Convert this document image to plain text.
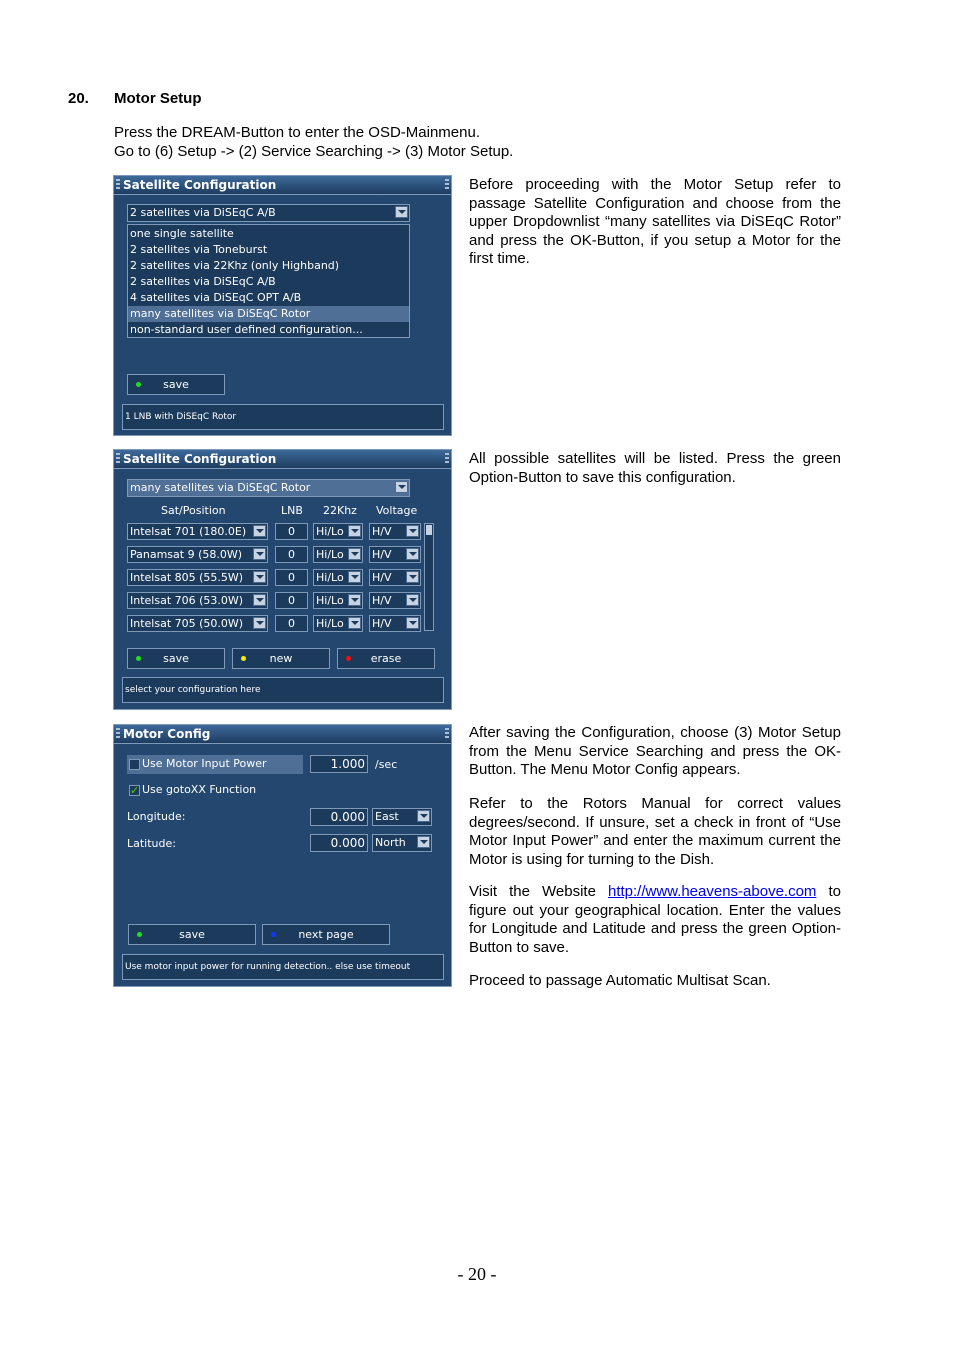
20. Motor Setup
Press the DREAM-Button to enter the OSD-Mainmenu.
Go to (6) Setup -> (2) Service Searching -> (3) Motor Setup.
Satellite Configuration
2 satellites via DiSEqC A/B
one single satellite
2 satellites via Toneburst
2 satellites via 22Khz (only Highband)
2 satellites via DiSEqC A/B
4 satellites via DiSEqC OPT A/B
many satellites via DiSEqC Rotor
non-standard user defined configuration...
save
1 LNB with DiSEqC Rotor
Before proceeding with the Motor Setup refer to passage Satellite Configuration and choose from the upper Dropdownlist “many satellites via DiSEqC Rotor” and press the OK-Button, if you setup a Motor for the first time.
Satellite Configuration
many satellites via DiSEqC Rotor
Sat/Position	LNB 22Khz Voltage
Intelsat 701 (180.0E)	0	Hi/Lo	H/V
Panamsat 9 (58.0W)	0	Hi/Lo	H/V
Intelsat 805 (55.5W)	0	Hi/Lo	H/V
Intelsat 706 (53.0W)	0	Hi/Lo	H/V
Intelsat 705 (50.0W)	0	Hi/Lo	H/V
save	new	erase
select your configuration here
All possible satellites will be listed. Press the green Option-Button to save this configuration.
Motor Config
Use Motor Input Power	1.000 /sec
✓ Use gotoXX Function
Longitude:	0.000 East
Latitude:	0.000 North
save	next page
Use motor input power for running detection.. else use timeout
After saving the Configuration, choose (3) Motor Setup from the Menu Service Searching and press the OK-Button. The Menu Motor Config appears.
Refer to the Rotors Manual for correct values degrees/second. If unsure, set a check in front of “Use Motor Input Power” and enter the maximum current the Motor is using for turning to the Dish.
Visit the Website http://www.heavens-above.com to figure out your geographical location. Enter the values for Longitude and Latitude and press the green Option-Button to save.
Proceed to passage Automatic Multisat Scan.
- 20 -
